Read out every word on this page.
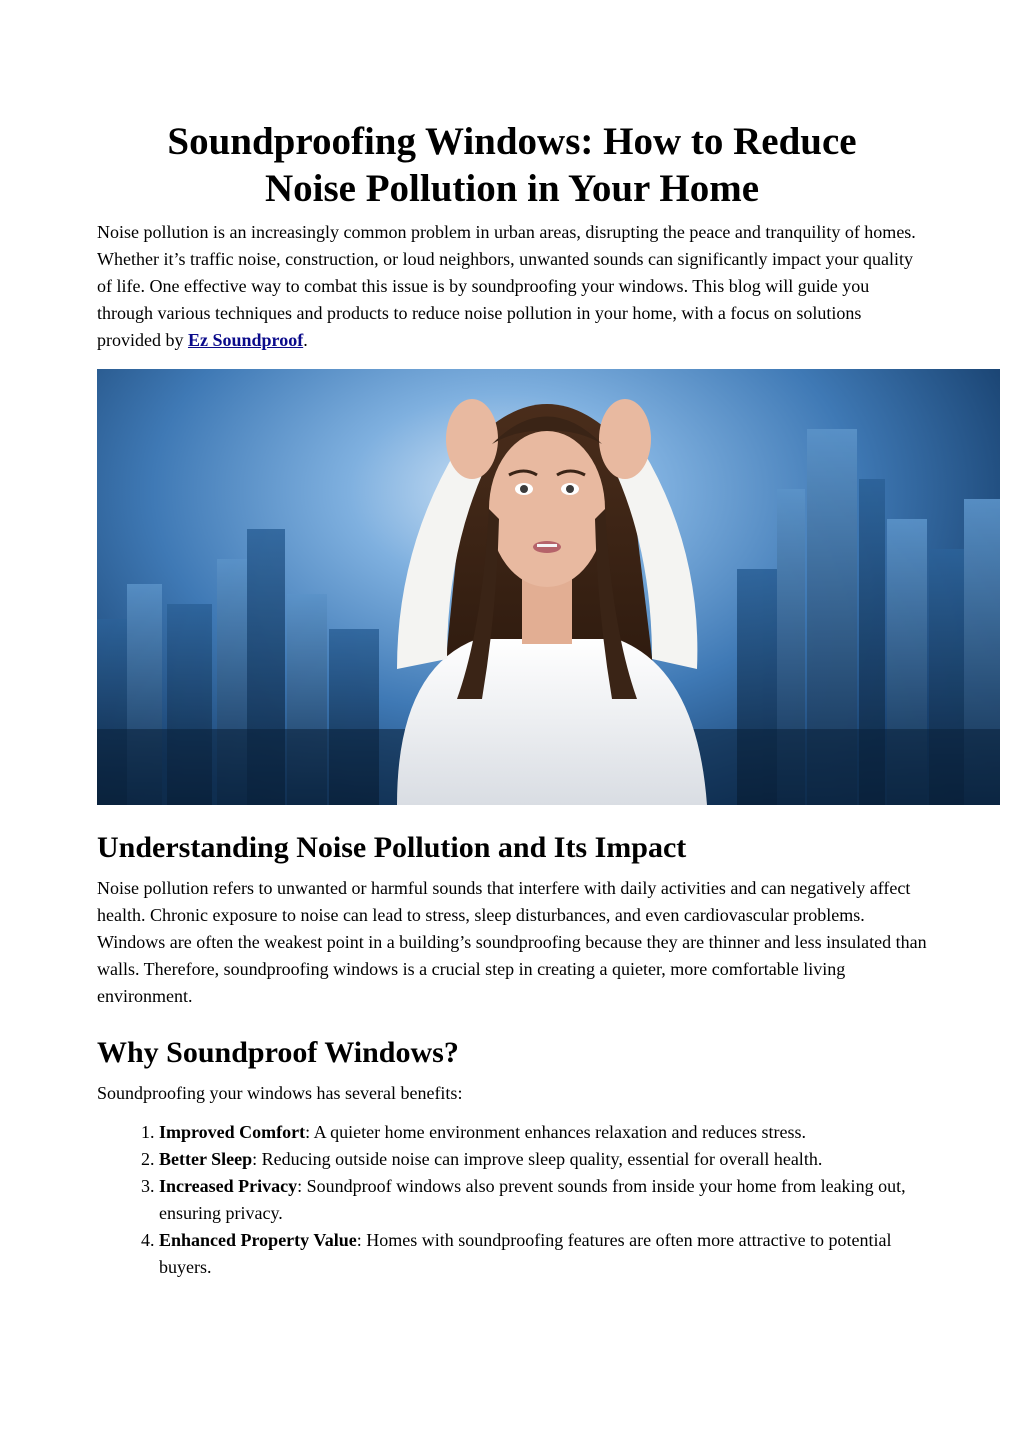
Soundproofing Windows: How to Reduce
Noise Pollution in Your Home

Noise pollution is an increasingly common problem in urban areas, disrupting the peace and tranquility of homes. Whether it’s traffic noise, construction, or loud neighbors, unwanted sounds can significantly impact your quality of life. One effective way to combat this issue is by soundproofing your windows. This blog will guide you through various techniques and products to reduce noise pollution in your home, with a focus on solutions provided by Ez Soundproof.

Understanding Noise Pollution and Its Impact

Noise pollution refers to unwanted or harmful sounds that interfere with daily activities and can negatively affect health. Chronic exposure to noise can lead to stress, sleep disturbances, and even cardiovascular problems. Windows are often the weakest point in a building’s soundproofing because they are thinner and less insulated than walls. Therefore, soundproofing windows is a crucial step in creating a quieter, more comfortable living environment.

Why Soundproof Windows?

Soundproofing your windows has several benefits:

1. Improved Comfort: A quieter home environment enhances relaxation and reduces stress.
2. Better Sleep: Reducing outside noise can improve sleep quality, essential for overall health.
3. Increased Privacy: Soundproof windows also prevent sounds from inside your home from leaking out, ensuring privacy.
4. Enhanced Property Value: Homes with soundproofing features are often more attractive to potential buyers.
